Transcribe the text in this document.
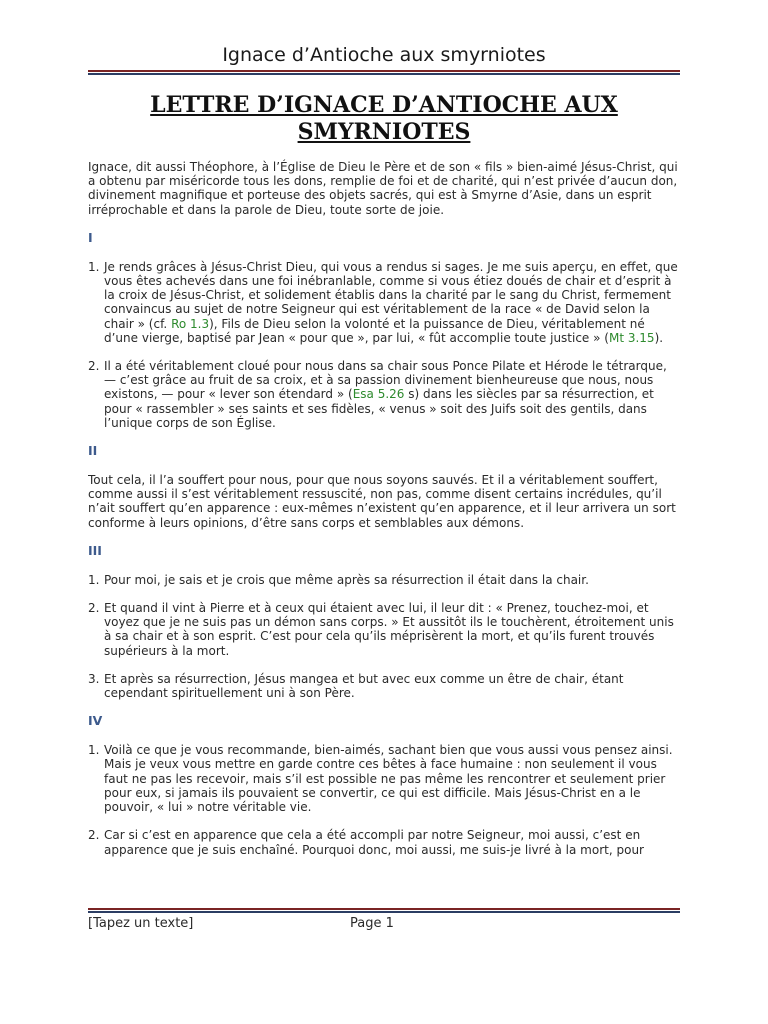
Ignace d’Antioche aux smyrniotes
LETTRE D’IGNACE D’ANTIOCHE AUX SMYRNIOTES

Ignace, dit aussi Théophore, à l’Église de Dieu le Père et de son « fils » bien-aimé Jésus-Christ, qui a obtenu par miséricorde tous les dons, remplie de foi et de charité, qui n’est privée d’aucun don, divinement magnifique et porteuse des objets sacrés, qui est à Smyrne d’Asie, dans un esprit irréprochable et dans la parole de Dieu, toute sorte de joie.

I
1. Je rends grâces à Jésus-Christ Dieu, qui vous a rendus si sages. Je me suis aperçu, en effet, que vous êtes achevés dans une foi inébranlable, comme si vous étiez doués de chair et d’esprit à la croix de Jésus-Christ, et solidement établis dans la charité par le sang du Christ, fermement convaincus au sujet de notre Seigneur qui est véritablement de la race « de David selon la chair » (cf. Ro 1.3), Fils de Dieu selon la volonté et la puissance de Dieu, véritablement né d’une vierge, baptisé par Jean « pour que », par lui, « fût accomplie toute justice » (Mt 3.15).
2. Il a été véritablement cloué pour nous dans sa chair sous Ponce Pilate et Hérode le tétrarque, — c’est grâce au fruit de sa croix, et à sa passion divinement bienheureuse que nous, nous existons, — pour « lever son étendard » (Esa 5.26 s) dans les siècles par sa résurrection, et pour « rassembler » ses saints et ses fidèles, « venus » soit des Juifs soit des gentils, dans l’unique corps de son Église.
II

Tout cela, il l’a souffert pour nous, pour que nous soyons sauvés. Et il a véritablement souffert, comme aussi il s’est véritablement ressuscité, non pas, comme disent certains incrédules, qu’il n’ait souffert qu’en apparence : eux-mêmes n’existent qu’en apparence, et il leur arrivera un sort conforme à leurs opinions, d’être sans corps et semblables aux démons.

III
1. Pour moi, je sais et je crois que même après sa résurrection il était dans la chair.
2. Et quand il vint à Pierre et à ceux qui étaient avec lui, il leur dit : « Prenez, touchez-moi, et voyez que je ne suis pas un démon sans corps. » Et aussitôt ils le touchèrent, étroitement unis à sa chair et à son esprit. C’est pour cela qu’ils méprisèrent la mort, et qu’ils furent trouvés supérieurs à la mort.
3. Et après sa résurrection, Jésus mangea et but avec eux comme un être de chair, étant cependant spirituellement uni à son Père.
IV
1. Voilà ce que je vous recommande, bien-aimés, sachant bien que vous aussi vous pensez ainsi. Mais je veux vous mettre en garde contre ces bêtes à face humaine : non seulement il vous faut ne pas les recevoir, mais s’il est possible ne pas même les rencontrer et seulement prier pour eux, si jamais ils pouvaient se convertir, ce qui est difficile. Mais Jésus-Christ en a le pouvoir, « lui » notre véritable vie.
2. Car si c’est en apparence que cela a été accompli par notre Seigneur, moi aussi, c’est en apparence que je suis enchaîné. Pourquoi donc, moi aussi, me suis-je livré à la mort, pour
[Tapez un texte]	Page 1
